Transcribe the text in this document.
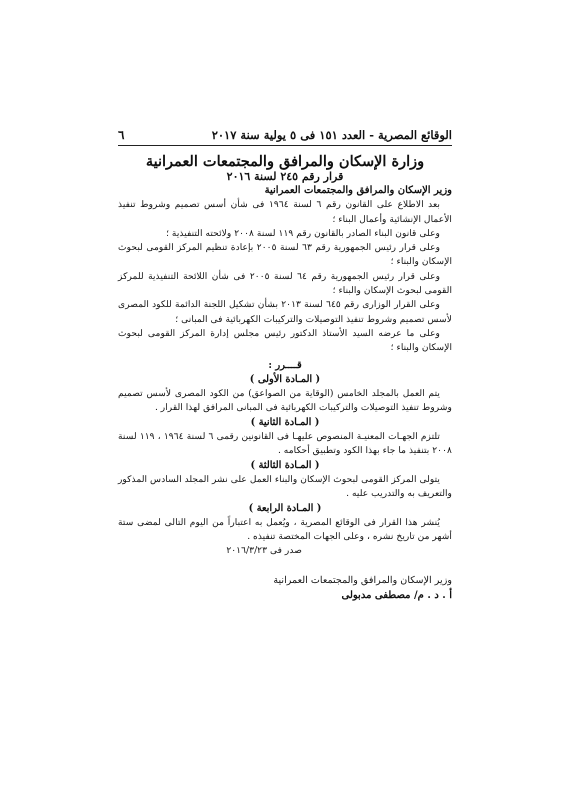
الوقائع المصرية - العدد ١٥١ فى ٥ يولية سنة ٢٠١٧
٦
وزارة الإسكان والمرافق والمجتمعات العمرانية
قرار رقم ٢٤٥ لسنة ٢٠١٦
وزير الإسكان والمرافق والمجتمعات العمرانية
بعد الاطلاع على القانون رقم ٦ لسنة ١٩٦٤ فى شأن أسس تصميم وشروط تنفيذ الأعمال الإنشائية وأعمال البناء ؛
وعلى قانون البناء الصادر بالقانون رقم ١١٩ لسنة ٢٠٠٨ ولائحته التنفيذية ؛
وعلى قرار رئيس الجمهورية رقم ٦٣ لسنة ٢٠٠٥ بإعادة تنظيم المركز القومى لبحوث الإسكان والبناء ؛
وعلى قرار رئيس الجمهورية رقم ٦٤ لسنة ٢٠٠٥ فى شأن اللائحة التنفيذية للمركز القومى لبحوث الإسكان والبناء ؛
وعلى القرار الوزارى رقم ٦٤٥ لسنة ٢٠١٣ بشأن تشكيل اللجنة الدائمة للكود المصرى لأسس تصميم وشروط تنفيذ التوصيلات والتركيبات الكهربائية فى المبانى ؛
وعلى ما عرضه السيد الأستاذ الدكتور رئيس مجلس إدارة المركز القومى لبحوث الإسكان والبناء ؛
قــــرر :
( المـادة الأولى )
يتم العمل بالمجلد الخامس (الوقاية من الصواعق) من الكود المصرى لأسس تصميم وشروط تنفيذ التوصيلات والتركيبات الكهربائية فى المبانى المرافق لهذا القرار .
( المـادة الثانية )
تلتزم الجهـات المعنيـة المنصوص عليهـا فى القانونين رقمى ٦ لسنة ١٩٦٤ ، ١١٩ لسنة ٢٠٠٨ بتنفيذ ما جاء بهذا الكود وتطبيق أحكامه .
( المـادة الثالثة )
يتولى المركز القومى لبحوث الإسكان والبناء العمل على نشر المجلد السادس المذكور والتعريف به والتدريب عليه .
( المـادة الرابعة )
يُنشر هذا القرار فى الوقائع المصرية ، ويُعمل به اعتباراً من اليوم التالى لمضى ستة أشهر من تاريخ نشره ، وعلى الجهات المختصة تنفيذه .
صدر فى ٢٠١٦/٣/٢٣
وزير الإسكان والمرافق والمجتمعات العمرانية
أ . د . م/ مصطفى مدبولى
